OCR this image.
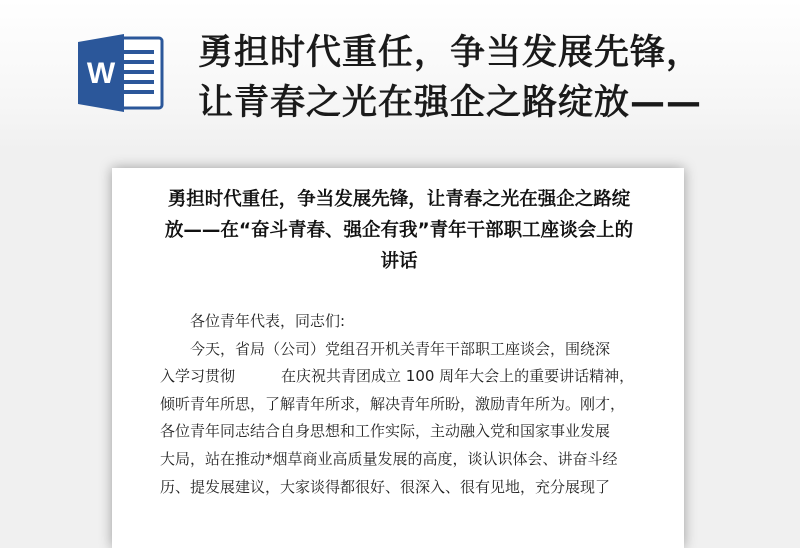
W
勇担时代重任，争当发展先锋，
让青春之光在强企之路绽放——
勇担时代重任，争当发展先锋，让青春之光在强企之路绽放——在“奋斗青春、强企有我”青年干部职工座谈会上的讲话
各位青年代表，同志们:
今天，省局（公司）党组召开机关青年干部职工座谈会，围绕深
入学习贯彻	在庆祝共青团成立 100 周年大会上的重要讲话精神，
倾听青年所思，了解青年所求，解决青年所盼，激励青年所为。刚才，
各位青年同志结合自身思想和工作实际，主动融入党和国家事业发展
大局，站在推动*烟草商业高质量发展的高度，谈认识体会、讲奋斗经
历、提发展建议，大家谈得都很好、很深入、很有见地，充分展现了
